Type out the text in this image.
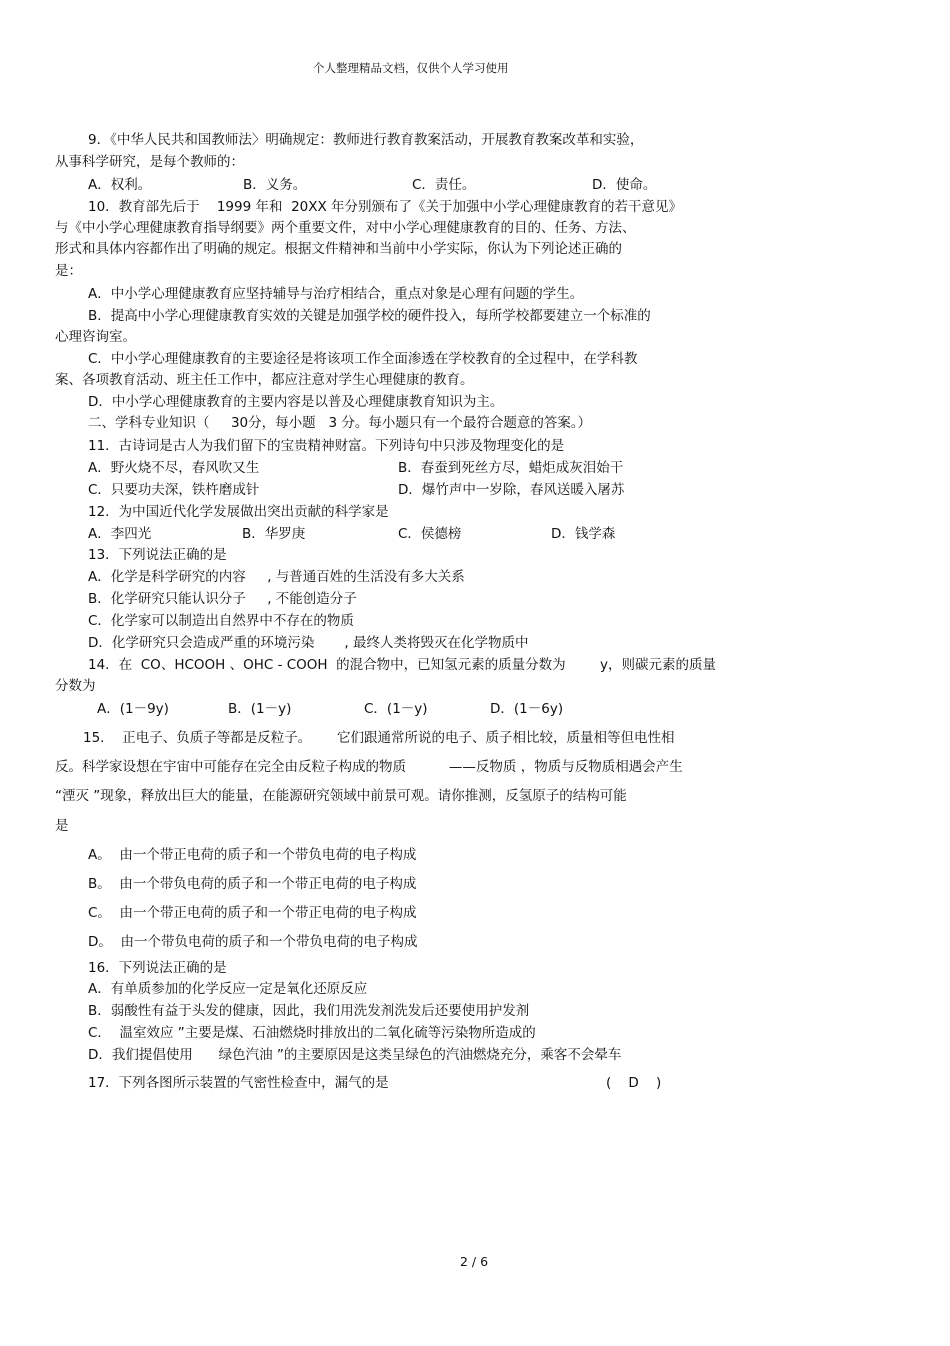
个人整理精品文档，仅供个人学习使用
9．《中华人民共和国教师法〉明确规定：教师进行教育教案活动，开展教育教案改革和实验，
从事科学研究，是每个教师的：
A．权利。	B．义务。	C．责任。	D．使命。
10．教育部先后于    1999 年和  20XX 年分别颁布了《关于加强中小学心理健康教育的若干意见》
与《中小学心理健康教育指导纲要》两个重要文件，对中小学心理健康教育的目的、任务、方法、
形式和具体内容都作出了明确的规定。根据文件精神和当前中小学实际，你认为下列论述正确的
是：
A．中小学心理健康教育应坚持辅导与治疗相结合，重点对象是心理有问题的学生。
B．提高中小学心理健康教育实效的关键是加强学校的硬件投入，每所学校都要建立一个标准的
心理咨询室。
C．中小学心理健康教育的主要途径是将该项工作全面渗透在学校教育的全过程中，在学科教
案、各项教育活动、班主任工作中，都应注意对学生心理健康的教育。
D．中小学心理健康教育的主要内容是以普及心理健康教育知识为主。
二、学科专业知识（     30分，每小题   3 分。每小题只有一个最符合题意的答案。）
11．古诗词是古人为我们留下的宝贵精神财富。下列诗句中只涉及物理变化的是
A．野火烧不尽，春风吹又生	B．春蚕到死丝方尽，蜡炬成灰泪始干
C．只要功夫深，铁杵磨成针	D．爆竹声中一岁除，春风送暖入屠苏
12．为中国近代化学发展做出突出贡献的科学家是
A．李四光	B．华罗庚	C．侯德榜	D．钱学森
13．下列说法正确的是
A．化学是科学研究的内容     , 与普通百姓的生活没有多大关系
B．化学研究只能认识分子     , 不能创造分子
C．化学家可以制造出自然界中不存在的物质
D．化学研究只会造成严重的环境污染       , 最终人类将毁灭在化学物质中
14．在  CO、HCOOH 、OHC - COOH  的混合物中，已知氢元素的质量分数为        y，则碳元素的质量
分数为
A．(1－9y)	B．(1－y)	C．(1－y)	D．(1－6y)
15．  正电子、负质子等都是反粒子。      它们跟通常所说的电子、质子相比较，质量相等但电性相
反。科学家设想在宇宙中可能存在完全由反粒子构成的物质          ——反物质 ，物质与反物质相遇会产生
“湮灭 ”现象，释放出巨大的能量，在能源研究领域中前景可观。请你推测，反氢原子的结构可能
是
A。  由一个带正电荷的质子和一个带负电荷的电子构成
B。  由一个带负电荷的质子和一个带正电荷的电子构成
C。  由一个带正电荷的质子和一个带正电荷的电子构成
D。  由一个带负电荷的质子和一个带负电荷的电子构成
16．下列说法正确的是
A．有单质参加的化学反应一定是氧化还原反应
B．弱酸性有益于头发的健康，因此，我们用洗发剂洗发后还要使用护发剂
C．  温室效应 ”主要是煤、石油燃烧时排放出的二氧化硫等污染物所造成的
D．我们提倡使用      绿色汽油 ”的主要原因是这类呈绿色的汽油燃烧充分，乘客不会晕车
17．下列各图所示装置的气密性检查中，漏气的是	(    D    )
2 / 6
